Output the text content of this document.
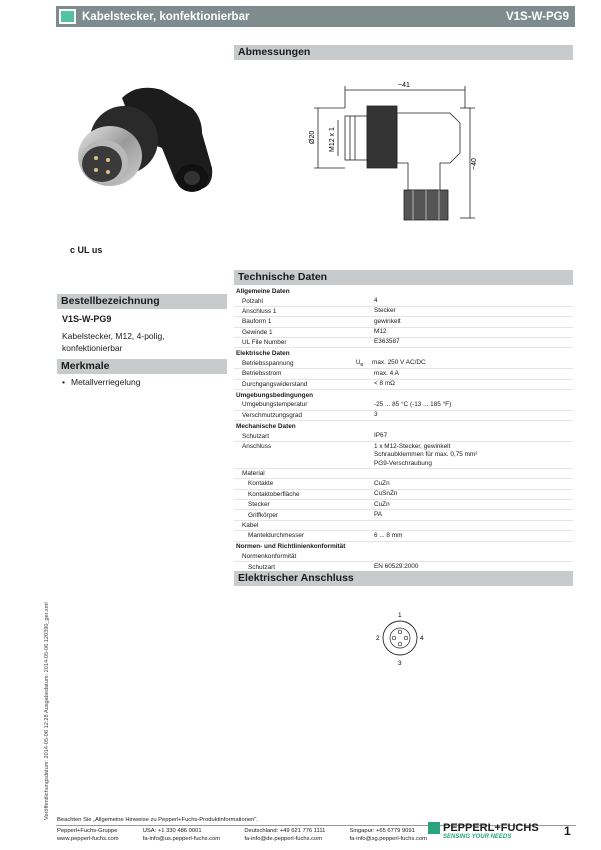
Kabelstecker, konfektionierbar	V1S-W-PG9
Abmessungen
~41
~40
Ø20 M12 x 1
c UL us
Bestellbezeichnung
V1S-W-PG9
Kabelstecker, M12, 4-polig, konfektionierbar
Merkmale
• Metallverriegelung
Technische Daten
Allgemeine Daten
Polzahl	4
Anschluss 1	Stecker
Bauform 1	gewinkelt
Gewinde 1	M12
UL File Number	E363587
Elektrische Daten
Betriebsspannung	$U_B$ max. 250 V AC/DC
Betriebsstrom	max. 4 A
Durchgangswiderstand	< 8 mΩ
Umgebungsbedingungen
Umgebungstemperatur	-25 ... 85 °C (-13 ... 185 °F)
Verschmutzungsgrad	3
Mechanische Daten
Schutzart	IP67
Anschluss	1 x M12-Stecker, gewinkelt
Schraubklemmen für max. 0,75 mm²
PG9-Verschraubung
Material
Kontakte	CuZn
Kontaktoberfläche	CuSnZn
Stecker	CuZn
Griffkörper	PA
Kabel
Manteldurchmesser	6 ... 8 mm
Normen- und Richtlinienkonformität
Normenkonformität
Schutzart	EN 60529:2000
Elektrischer Anschluss
1
2
3
4
Veröffentlichungsdatum: 2014-05-06 12:28 Ausgabedatum: 2014-05-06 120390_ger.xml Beachten Sie „Allgemeine Hinweise zu Pepperl+Fuchs-Produktinformationen".
Pepperl+Fuchs-Gruppe
www.pepperl-fuchs.com
USA: +1 330 486 0001
fa-info@us.pepperl-fuchs.com
Deutschland: +49 621 776 1111
fa-info@de.pepperl-fuchs.com
Singapur: +65 6779 9091
fa-info@sg.pepperl-fuchs.com
PEPPERL+FUCHS
SENSING YOUR NEEDS	1
